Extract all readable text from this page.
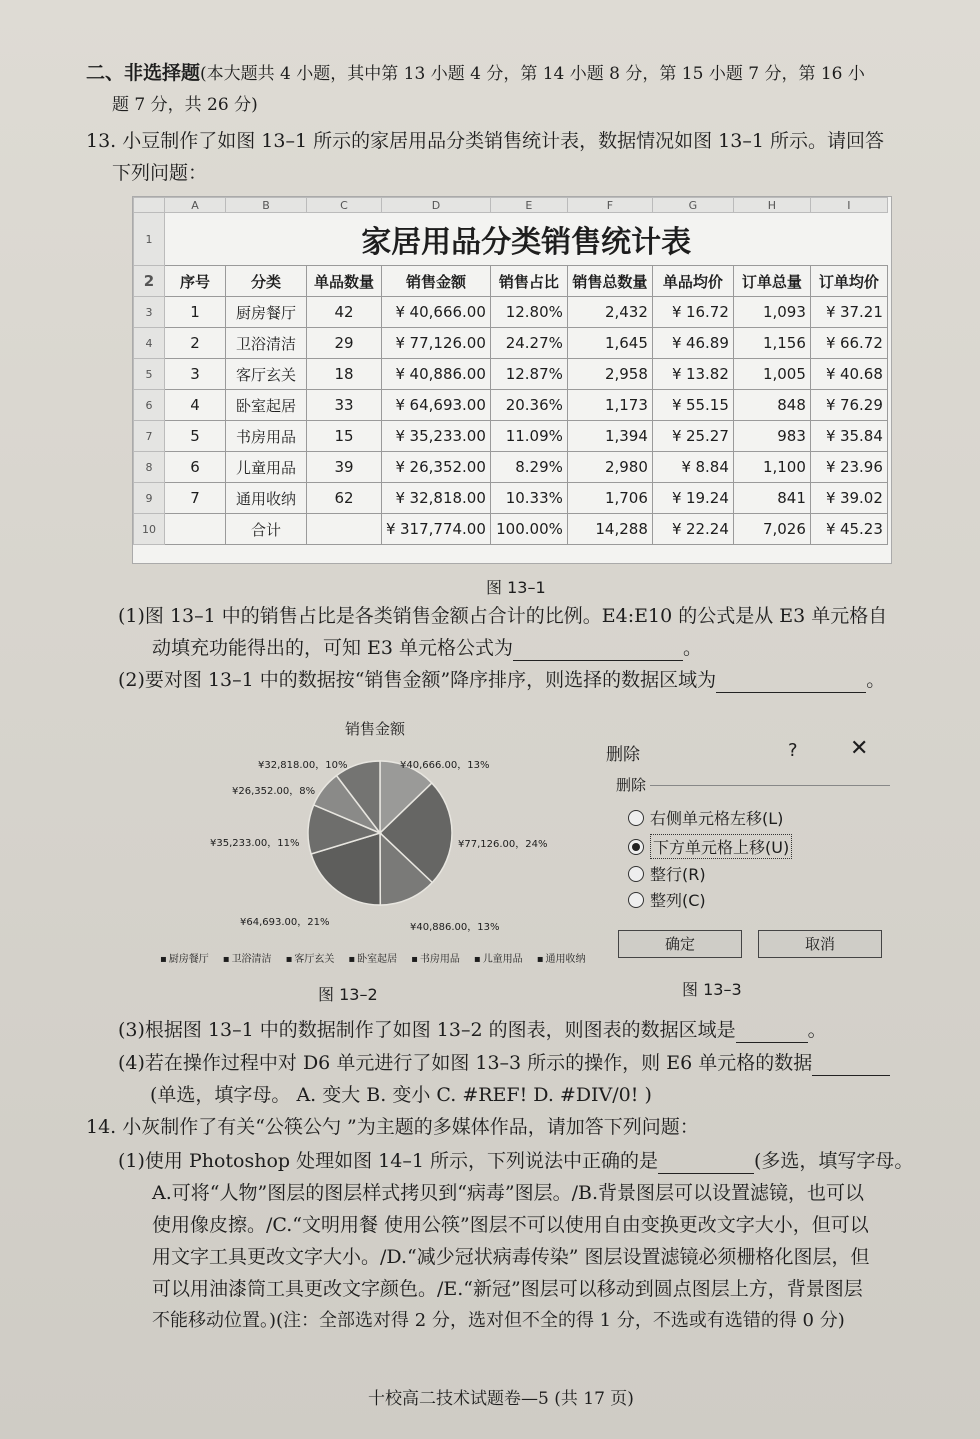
二、非选择题(本大题共 4 小题，其中第 13 小题 4 分，第 14 小题 8 分，第 15 小题 7 分，第 16 小
题 7 分，共 26 分)
13. 小豆制作了如图 13–1 所示的家居用品分类销售统计表，数据情况如图 13–1 所示。请回答
下列问题：
	A	B	C	D	E	F	G	H	I
1	家居用品分类销售统计表								
2	序号	分类	单品数量	销售金额	销售占比	销售总数量	单品均价	订单总量	订单均价
3	1	厨房餐厅	42	¥ 40,666.00	12.80%	2,432	¥ 16.72	1,093	¥ 37.21
4	2	卫浴清洁	29	¥ 77,126.00	24.27%	1,645	¥ 46.89	1,156	¥ 66.72
5	3	客厅玄关	18	¥ 40,886.00	12.87%	2,958	¥ 13.82	1,005	¥ 40.68
6	4	卧室起居	33	¥ 64,693.00	20.36%	1,173	¥ 55.15	848	¥ 76.29
7	5	书房用品	15	¥ 35,233.00	11.09%	1,394	¥ 25.27	983	¥ 35.84
8	6	儿童用品	39	¥ 26,352.00	8.29%	2,980	¥ 8.84	1,100	¥ 23.96
9	7	通用收纳	62	¥ 32,818.00	10.33%	1,706	¥ 19.24	841	¥ 39.02
10		合计		¥ 317,774.00	100.00%	14,288	¥ 22.24	7,026	¥ 45.23
图 13–1
(1)图 13–1 中的销售占比是各类销售金额占合计的比例。E4:E10 的公式是从 E3 单元格自
动填充功能得出的，可知 E3 单元格公式为	。
(2)要对图 13–1 中的数据按“销售金额”降序排序，则选择的数据区域为	。
销售金额
¥40,666.00，13%
¥77,126.00，24%
¥40,886.00，13%
¥64,693.00，21%
¥35,233.00，11%
¥26,352.00，8%
¥32,818.00，10%
▪ 厨房餐厅	▪ 卫浴清洁	▪ 客厅玄关	▪ 卧室起居	▪ 书房用品	▪ 儿童用品	▪ 通用收纳
图 13–2
删除	? ✕
删除
右侧单元格左移(L)
下方单元格上移(U)
整行(R)
整列(C)
确定	取消
图 13–3
(3)根据图 13–1 中的数据制作了如图 13–2 的图表，则图表的数据区域是	。
(4)若在操作过程中对 D6 单元进行了如图 13–3 所示的操作，则 E6 单元格的数据
(单选，填字母。 A. 变大 B. 变小 C. #REF! D. #DIV/0! )
14. 小灰制作了有关“公筷公勺 ”为主题的多媒体作品，请加答下列问题：
(1)使用 Photoshop 处理如图 14–1 所示，下列说法中正确的是	(多选，填写字母。
A.可将“人物”图层的图层样式拷贝到“病毒”图层。/B.背景图层可以设置滤镜，也可以
使用像皮擦。/C.“文明用餐 使用公筷”图层不可以使用自由变换更改文字大小，但可以
用文字工具更改文字大小。/D.“减少冠状病毒传染” 图层设置滤镜必须栅格化图层，但
可以用油漆筒工具更改文字颜色。/E.“新冠”图层可以移动到圆点图层上方，背景图层
不能移动位置。)(注：全部选对得 2 分，选对但不全的得 1 分，不选或有选错的得 0 分)
十校高二技术试题卷—5 (共 17 页)
